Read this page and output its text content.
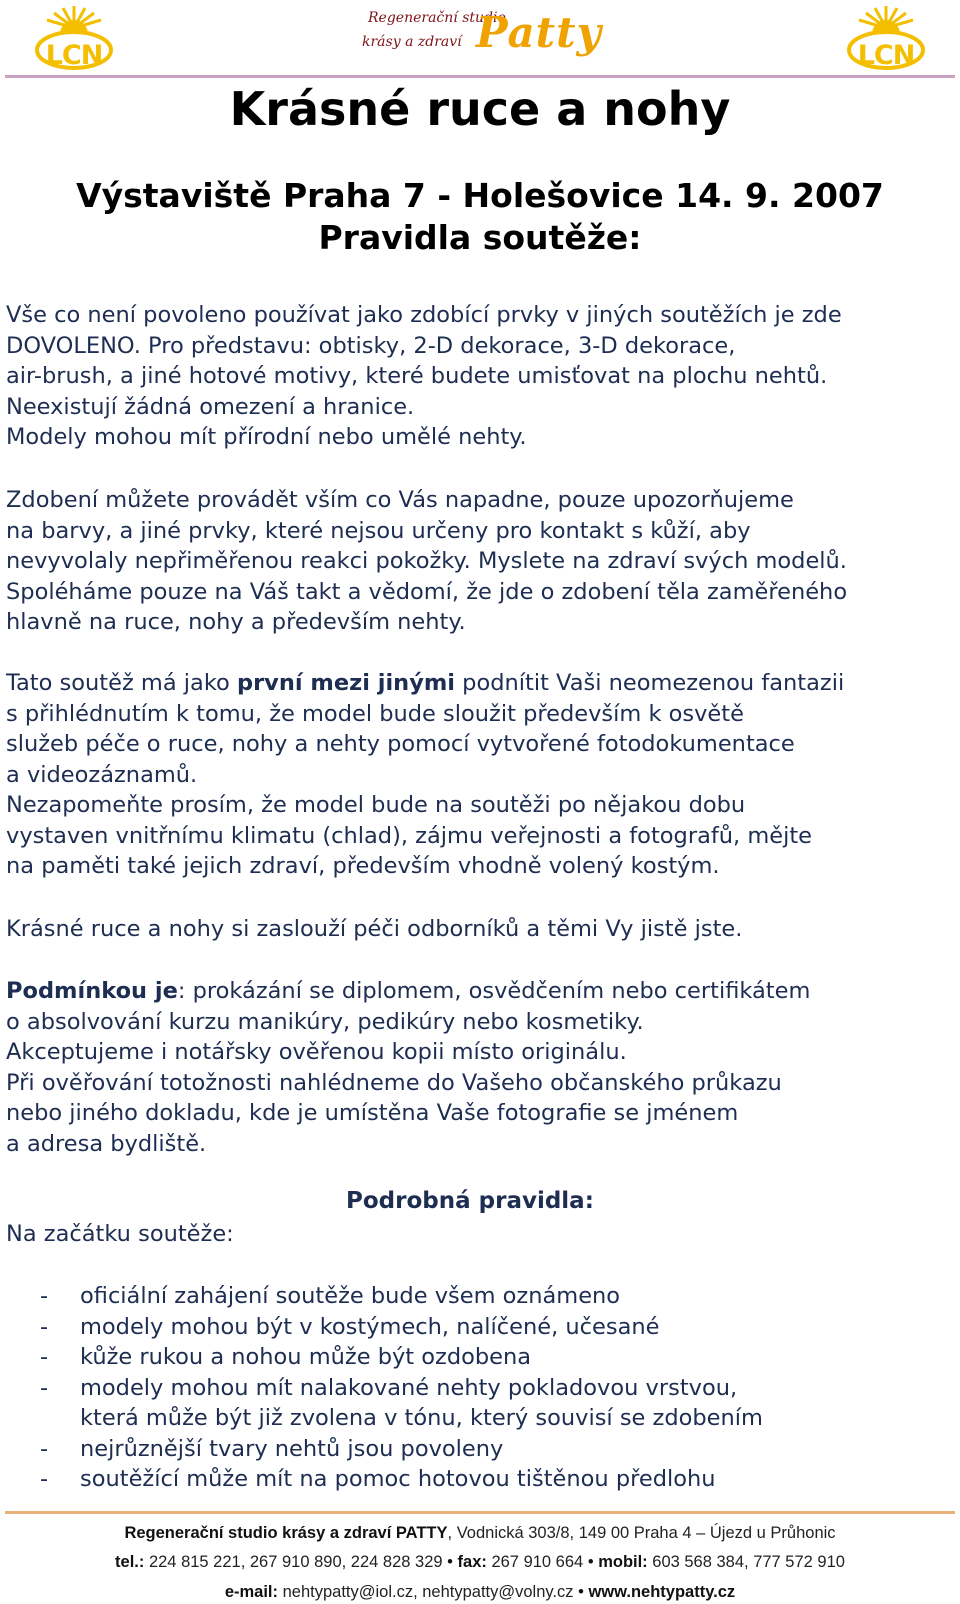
LCN
Regenerační studio
krásy a zdraví Patty	LCN
Krásné ruce a nohy
Výstaviště Praha 7 - Holešovice 14. 9. 2007
Pravidla soutěže:
Vše co není povoleno používat jako zdobící prvky v jiných soutěžích je zde
DOVOLENO. Pro představu: obtisky, 2-D dekorace, 3-D dekorace,
air-brush, a jiné hotové motivy, které budete umisťovat na plochu nehtů.
Neexistují žádná omezení a hranice.
Modely mohou mít přírodní nebo umělé nehty.
Zdobení můžete provádět vším co Vás napadne, pouze upozorňujeme
na barvy, a jiné prvky, které nejsou určeny pro kontakt s kůží, aby
nevyvolaly nepřiměřenou reakci pokožky. Myslete na zdraví svých modelů.
Spoléháme pouze na Váš takt a vědomí, že jde o zdobení těla zaměřeného
hlavně na ruce, nohy a především nehty.
Tato soutěž má jako první mezi jinými podnítit Vaši neomezenou fantazii
s přihlédnutím k tomu, že model bude sloužit především k osvětě
služeb péče o ruce, nohy a nehty pomocí vytvořené fotodokumentace
a videozáznamů.
Nezapomeňte prosím, že model bude na soutěži po nějakou dobu
vystaven vnitřnímu klimatu (chlad), zájmu veřejnosti a fotografů, mějte
na paměti také jejich zdraví, především vhodně volený kostým.
Krásné ruce a nohy si zaslouží péči odborníků a těmi Vy jistě jste.
Podmínkou je: prokázání se diplomem, osvědčením nebo certifikátem
o absolvování kurzu manikúry, pedikúry nebo kosmetiky.
Akceptujeme i notářsky ověřenou kopii místo originálu.
Při ověřování totožnosti nahlédneme do Vašeho občanského průkazu
nebo jiného dokladu, kde je umístěna Vaše fotografie se jménem
a adresa bydliště.
Podrobná pravidla:
Na začátku soutěže:
- oficiální zahájení soutěže bude všem oznámeno
- modely mohou být v kostýmech, nalíčené, učesané
- kůže rukou a nohou může být ozdobena
- modely mohou mít nalakované nehty pokladovou vrstvou,
která může být již zvolena v tónu, který souvisí se zdobením
- nejrůznější tvary nehtů jsou povoleny
- soutěžící může mít na pomoc hotovou tištěnou předlohu
Regenerační studio krásy a zdraví PATTY, Vodnická 303/8, 149 00 Praha 4 – Újezd u Průhonic
tel.: 224 815 221, 267 910 890, 224 828 329 • fax: 267 910 664 • mobil: 603 568 384, 777 572 910
e-mail: nehtypatty@iol.cz, nehtypatty@volny.cz • www.nehtypatty.cz
